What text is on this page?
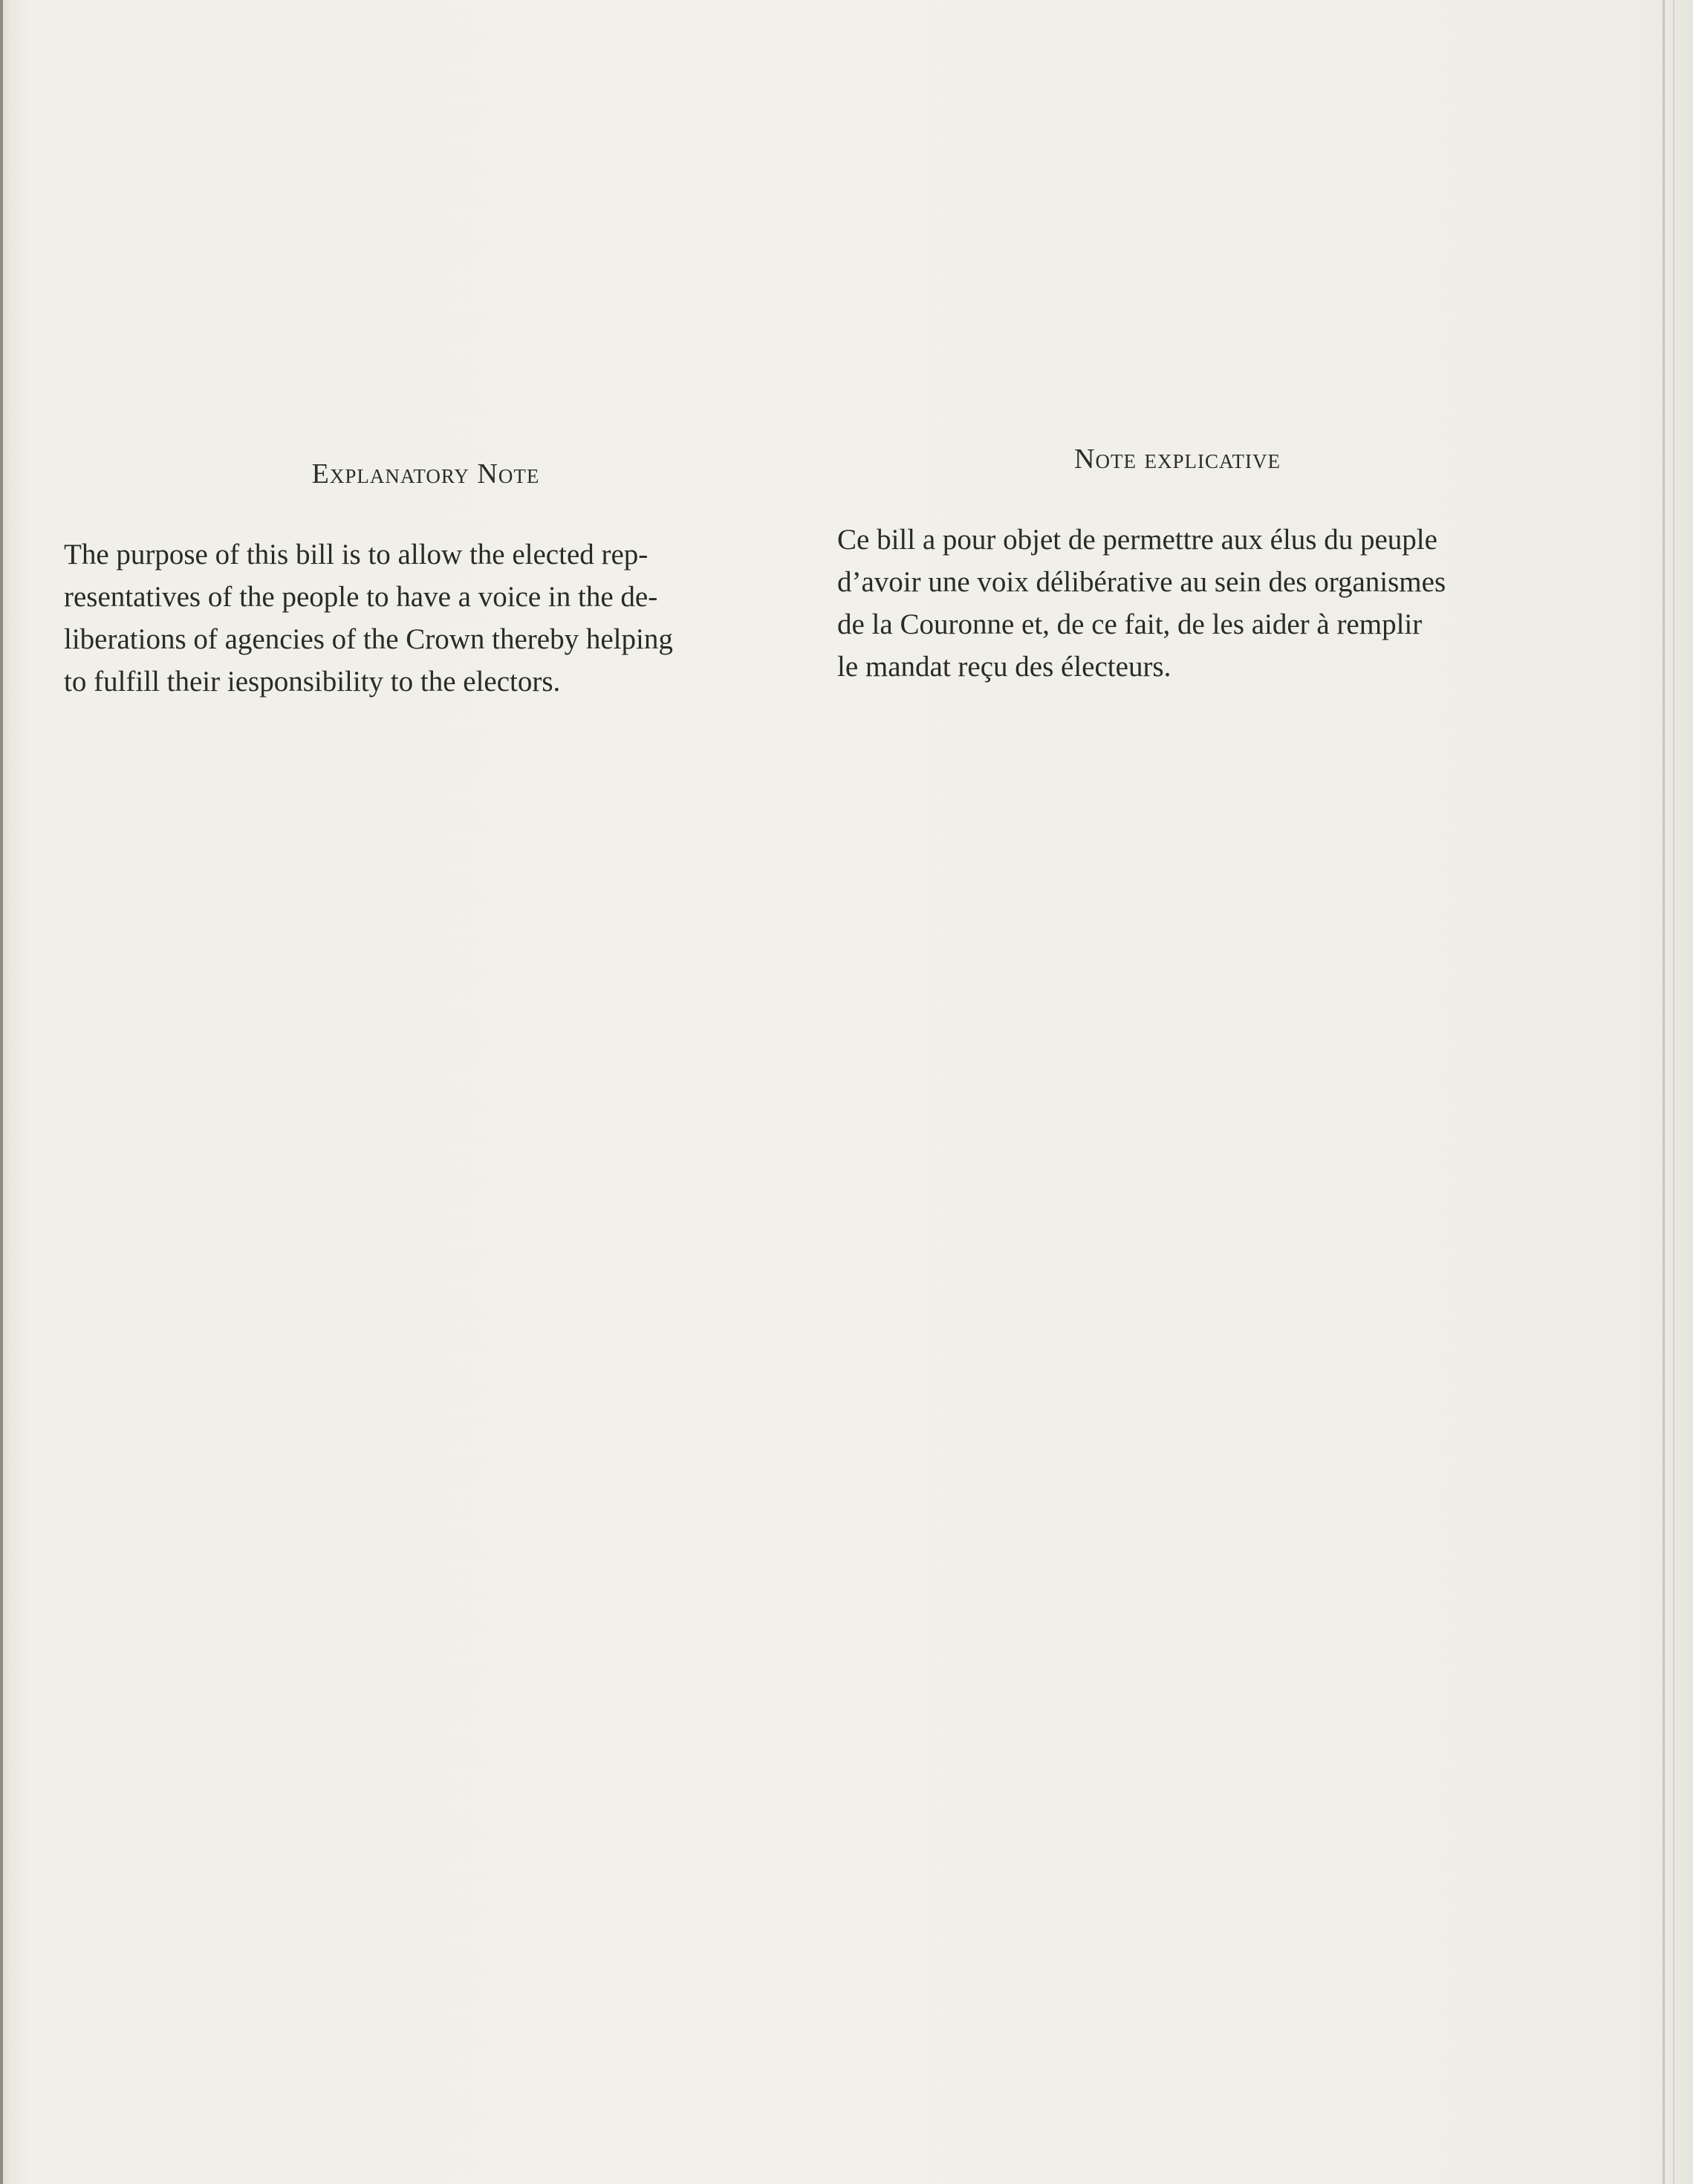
Explanatory Note

The purpose of this bill is to allow the elected rep-
resentatives of the people to have a voice in the de-
liberations of agencies of the Crown thereby helping
to fulfill their iesponsibility to the electors.

Note explicative

Ce bill a pour objet de permettre aux élus du peuple
d’avoir une voix délibérative au sein des organismes
de la Couronne et, de ce fait, de les aider à remplir
le mandat reçu des électeurs.
